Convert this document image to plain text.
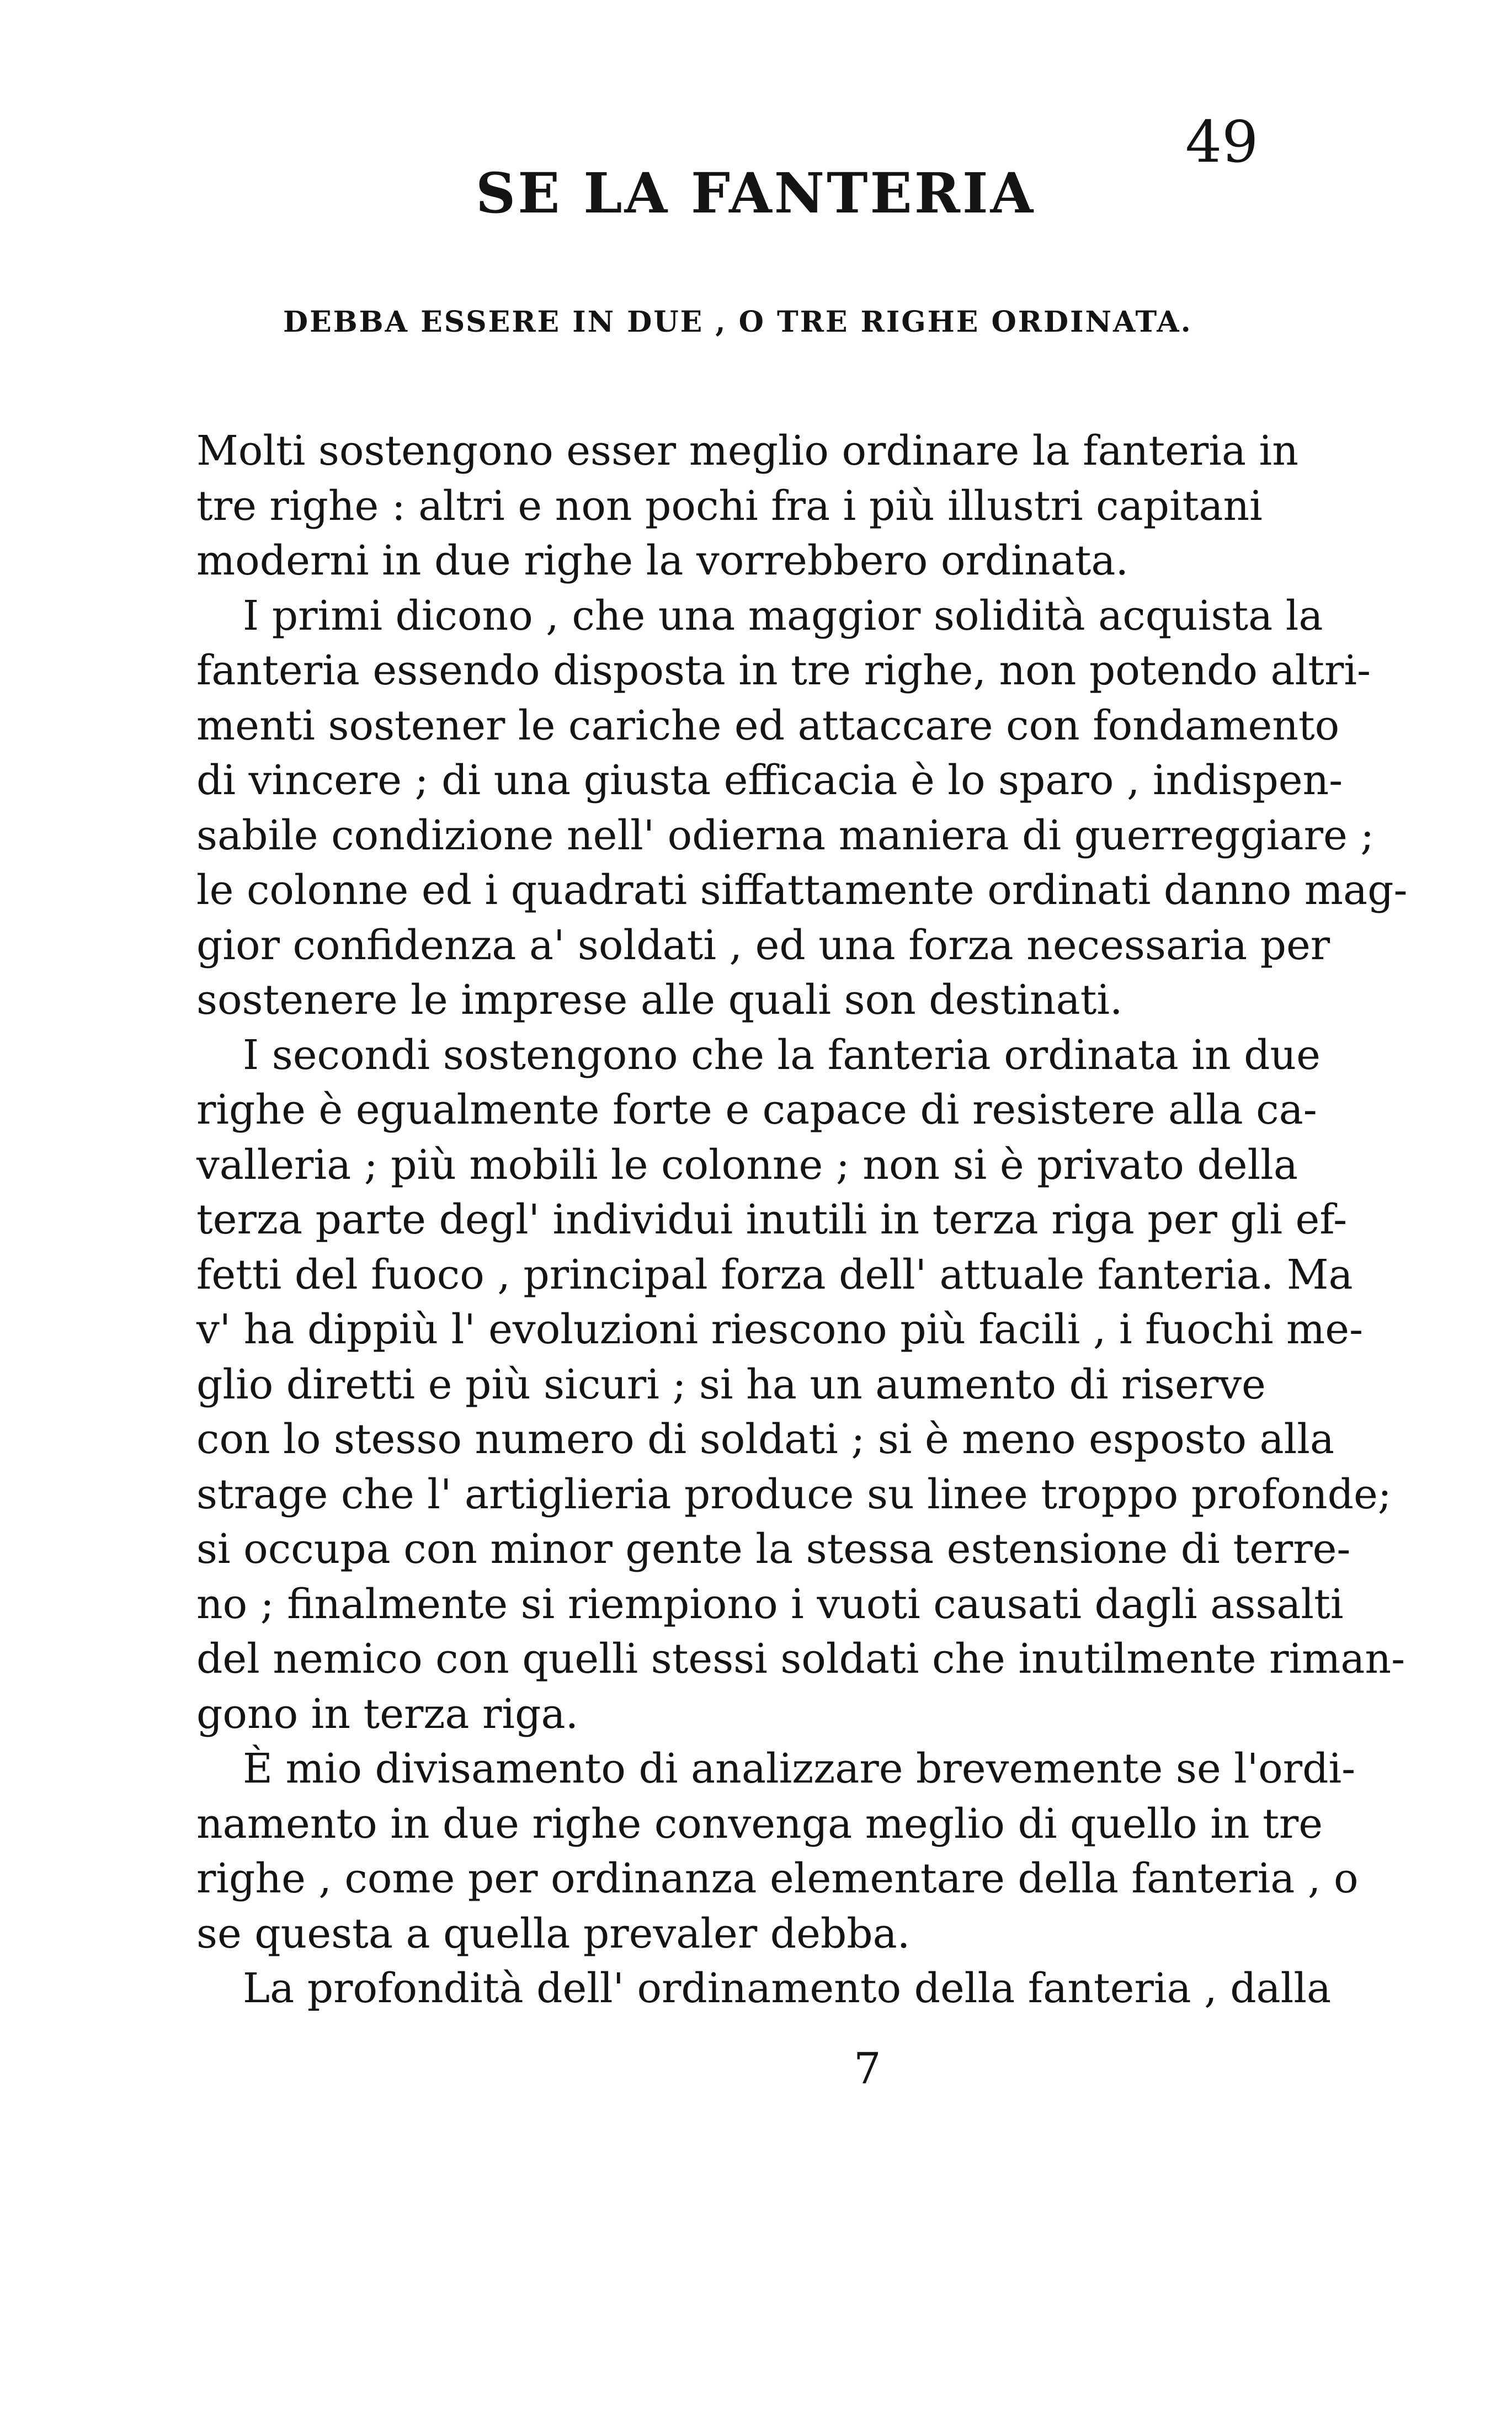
49
SE LA FANTERIA
DEBBA ESSERE IN DUE , O TRE RIGHE ORDINATA.
Molti sostengono esser meglio ordinare la fanteria in
tre righe : altri e non pochi fra i più illustri capitani
moderni in due righe la vorrebbero ordinata.
I primi dicono , che una maggior solidità acquista la
fanteria essendo disposta in tre righe, non potendo altri-
menti sostener le cariche ed attaccare con fondamento
di vincere ; di una giusta efficacia è lo sparo , indispen-
sabile condizione nell' odierna maniera di guerreggiare ;
le colonne ed i quadrati siffattamente ordinati danno mag-
gior confidenza a' soldati , ed una forza necessaria per
sostenere le imprese alle quali son destinati.
I secondi sostengono che la fanteria ordinata in due
righe è egualmente forte e capace di resistere alla ca-
valleria ; più mobili le colonne ; non si è privato della
terza parte degl' individui inutili in terza riga per gli ef-
fetti del fuoco , principal forza dell' attuale fanteria. Ma
v' ha dippiù l' evoluzioni riescono più facili , i fuochi me-
glio diretti e più sicuri ; si ha un aumento di riserve
con lo stesso numero di soldati ; si è meno esposto alla
strage che l' artiglieria produce su linee troppo profonde;
si occupa con minor gente la stessa estensione di terre-
no ; finalmente si riempiono i vuoti causati dagli assalti
del nemico con quelli stessi soldati che inutilmente riman-
gono in terza riga.
È mio divisamento di analizzare brevemente se l'ordi-
namento in due righe convenga meglio di quello in tre
righe , come per ordinanza elementare della fanteria , o
se questa a quella prevaler debba.
La profondità dell' ordinamento della fanteria , dalla
7
